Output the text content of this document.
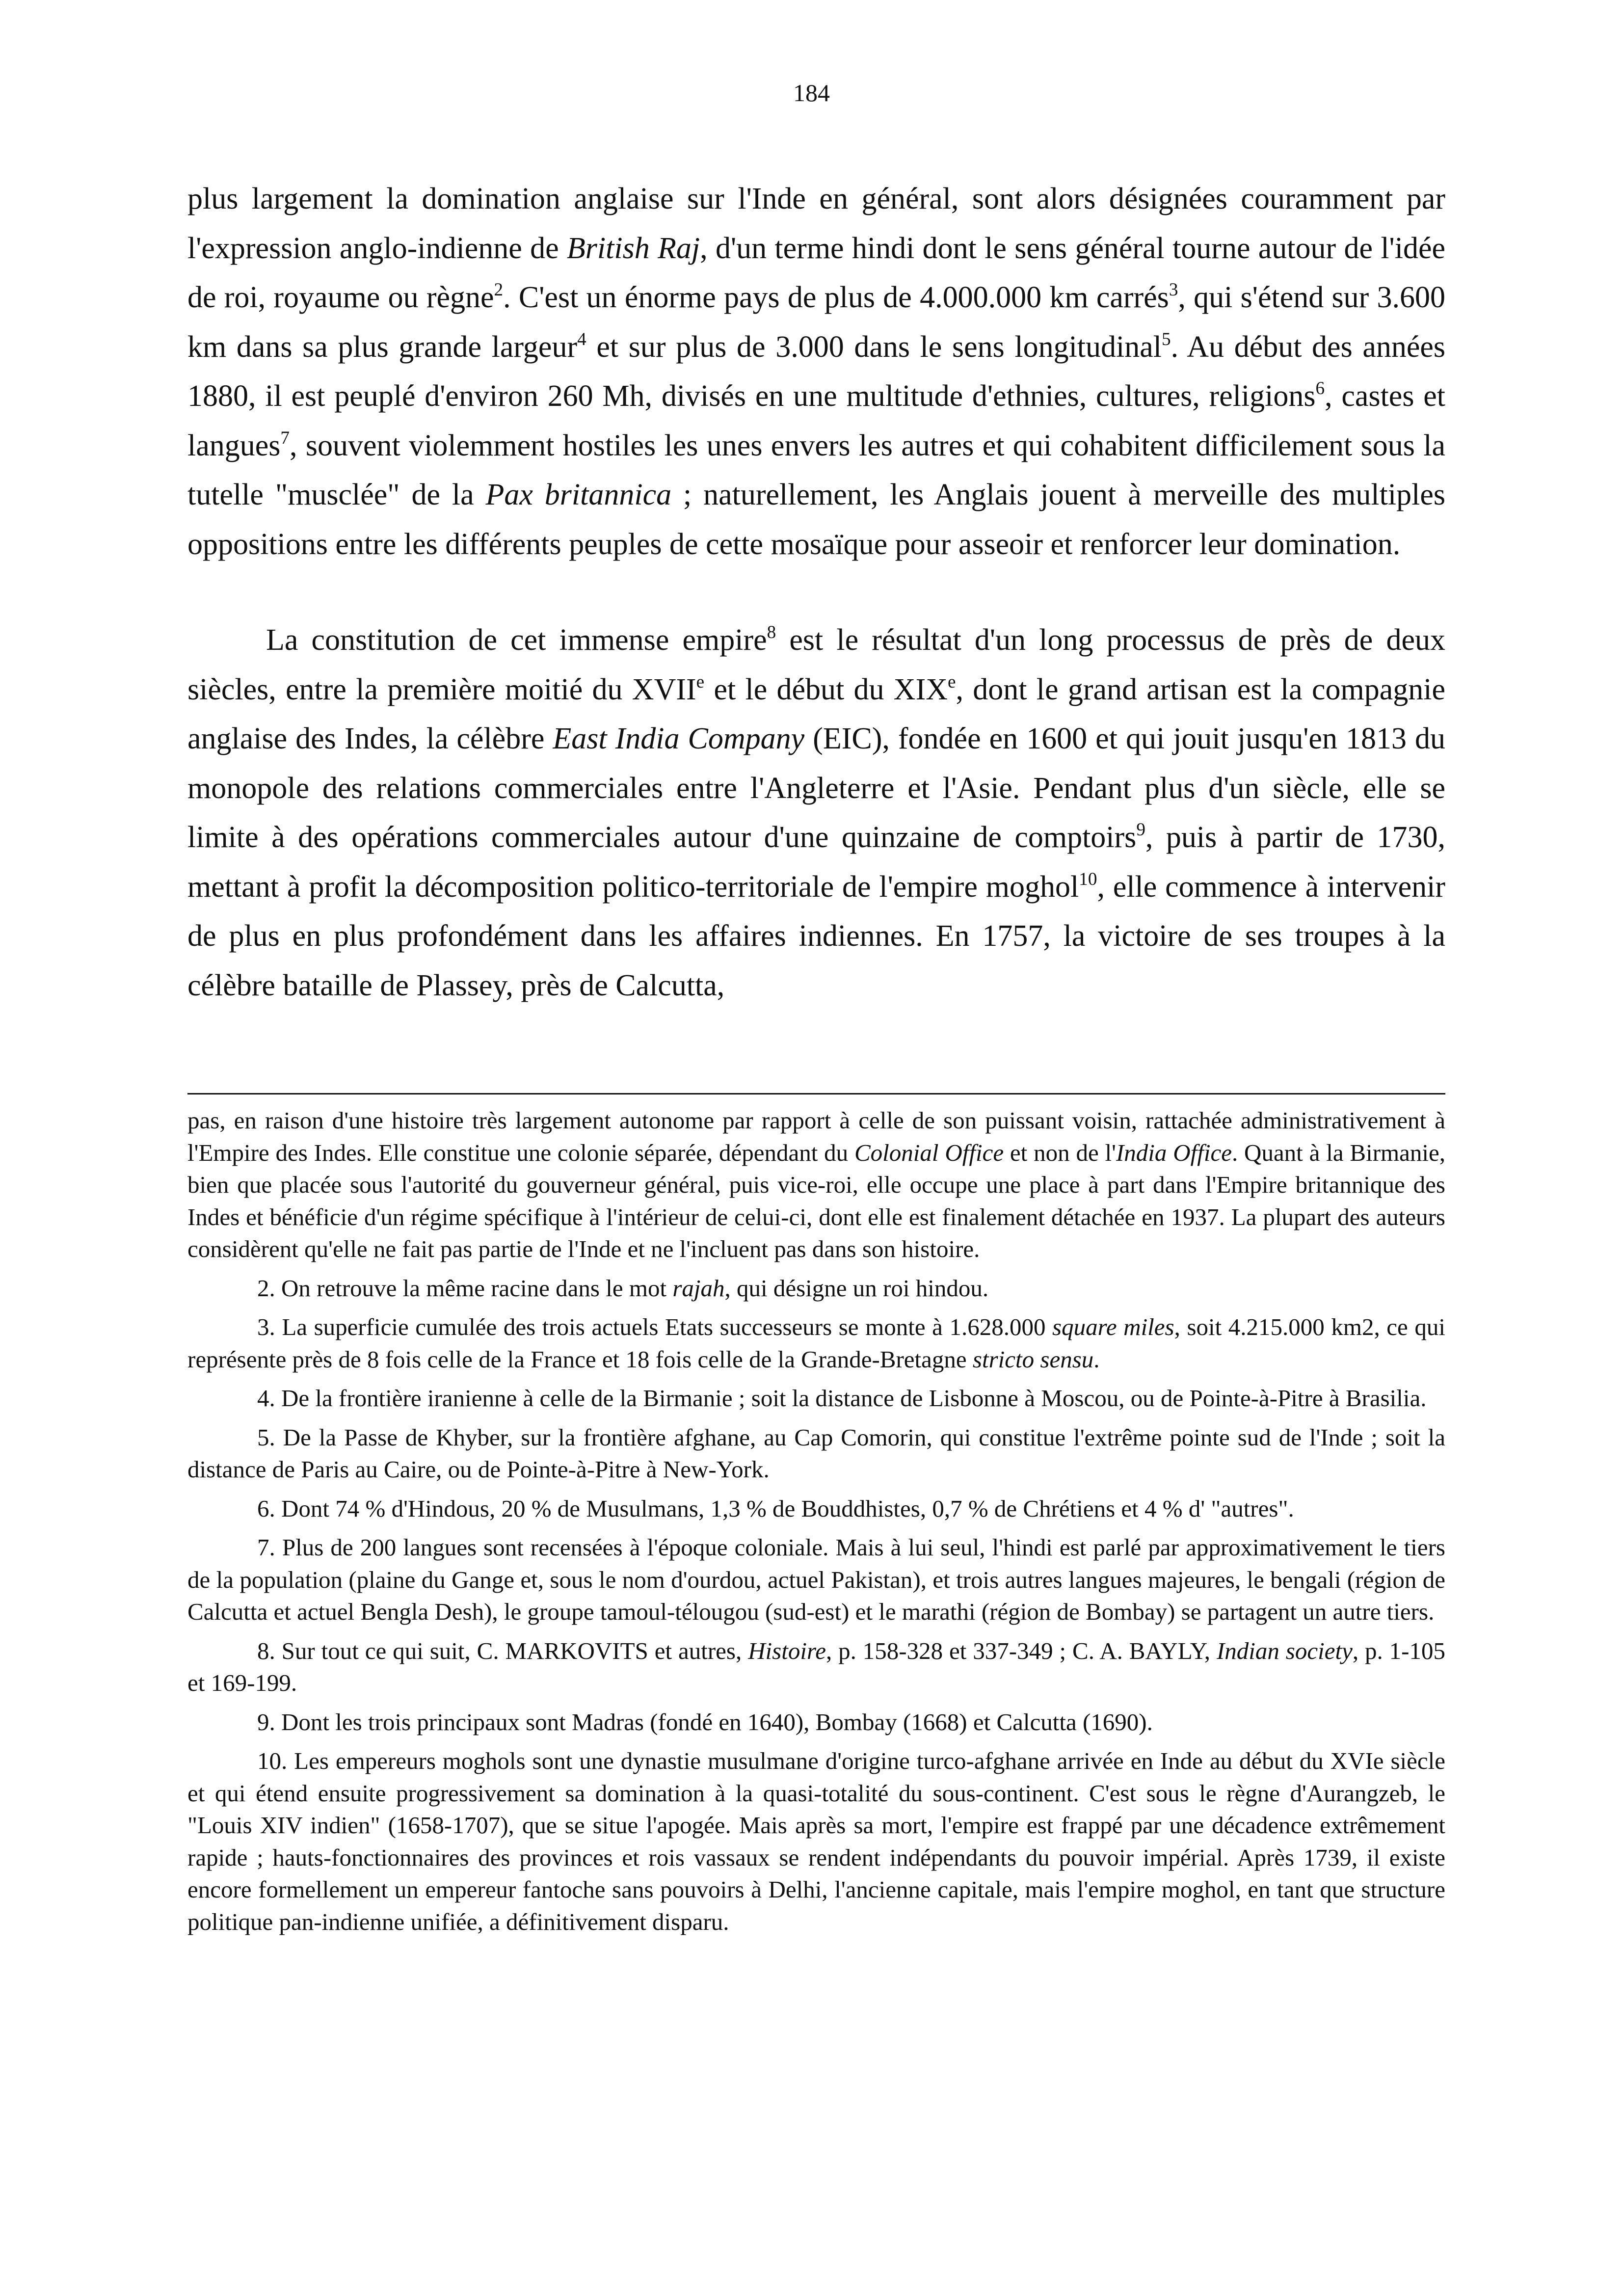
184

plus largement la domination anglaise sur l'Inde en général, sont alors désignées couramment par l'expression anglo-indienne de British Raj, d'un terme hindi dont le sens général tourne autour de l'idée de roi, royaume ou règne$^2$. C'est un énorme pays de plus de 4.000.000 km carrés$^3$, qui s'étend sur 3.600 km dans sa plus grande largeur$^4$ et sur plus de 3.000 dans le sens longitudinal$^5$. Au début des années 1880, il est peuplé d'environ 260 Mh, divisés en une multitude d'ethnies, cultures, religions$^6$, castes et langues$^7$, souvent violemment hostiles les unes envers les autres et qui cohabitent difficilement sous la tutelle "musclée" de la Pax britannica ; naturellement, les Anglais jouent à merveille des multiples oppositions entre les différents peuples de cette mosaïque pour asseoir et renforcer leur domination.

La constitution de cet immense empire$^8$ est le résultat d'un long processus de près de deux siècles, entre la première moitié du XVIIe et le début du XIXe, dont le grand artisan est la compagnie anglaise des Indes, la célèbre East India Company (EIC), fondée en 1600 et qui jouit jusqu'en 1813 du monopole des relations commerciales entre l'Angleterre et l'Asie. Pendant plus d'un siècle, elle se limite à des opérations commerciales autour d'une quinzaine de comptoirs$^9$, puis à partir de 1730, mettant à profit la décomposition politico-territoriale de l'empire moghol$^{10}$, elle commence à intervenir de plus en plus profondément dans les affaires indiennes. En 1757, la victoire de ses troupes à la célèbre bataille de Plassey, près de Calcutta,

pas, en raison d'une histoire très largement autonome par rapport à celle de son puissant voisin, rattachée administrativement à l'Empire des Indes. Elle constitue une colonie séparée, dépendant du Colonial Office et non de l'India Office. Quant à la Birmanie, bien que placée sous l'autorité du gouverneur général, puis vice-roi, elle occupe une place à part dans l'Empire britannique des Indes et bénéficie d'un régime spécifique à l'intérieur de celui-ci, dont elle est finalement détachée en 1937. La plupart des auteurs considèrent qu'elle ne fait pas partie de l'Inde et ne l'incluent pas dans son histoire.

2. On retrouve la même racine dans le mot rajah, qui désigne un roi hindou.

3. La superficie cumulée des trois actuels Etats successeurs se monte à 1.628.000 square miles, soit 4.215.000 km2, ce qui représente près de 8 fois celle de la France et 18 fois celle de la Grande-Bretagne stricto sensu.

4. De la frontière iranienne à celle de la Birmanie ; soit la distance de Lisbonne à Moscou, ou de Pointe-à-Pitre à Brasilia.

5. De la Passe de Khyber, sur la frontière afghane, au Cap Comorin, qui constitue l'extrême pointe sud de l'Inde ; soit la distance de Paris au Caire, ou de Pointe-à-Pitre à New-York.

6. Dont 74 % d'Hindous, 20 % de Musulmans, 1,3 % de Bouddhistes, 0,7 % de Chrétiens et 4 % d' "autres".

7. Plus de 200 langues sont recensées à l'époque coloniale. Mais à lui seul, l'hindi est parlé par approximativement le tiers de la population (plaine du Gange et, sous le nom d'ourdou, actuel Pakistan), et trois autres langues majeures, le bengali (région de Calcutta et actuel Bengla Desh), le groupe tamoul-télougou (sud-est) et le marathi (région de Bombay) se partagent un autre tiers.

8. Sur tout ce qui suit, C. MARKOVITS et autres, Histoire, p. 158-328 et 337-349 ; C. A. BAYLY, Indian society, p. 1-105 et 169-199.

9. Dont les trois principaux sont Madras (fondé en 1640), Bombay (1668) et Calcutta (1690).

10. Les empereurs moghols sont une dynastie musulmane d'origine turco-afghane arrivée en Inde au début du XVIe siècle et qui étend ensuite progressivement sa domination à la quasi-totalité du sous-continent. C'est sous le règne d'Aurangzeb, le "Louis XIV indien" (1658-1707), que se situe l'apogée. Mais après sa mort, l'empire est frappé par une décadence extrêmement rapide ; hauts-fonctionnaires des provinces et rois vassaux se rendent indépendants du pouvoir impérial. Après 1739, il existe encore formellement un empereur fantoche sans pouvoirs à Delhi, l'ancienne capitale, mais l'empire moghol, en tant que structure politique pan-indienne unifiée, a définitivement disparu.
